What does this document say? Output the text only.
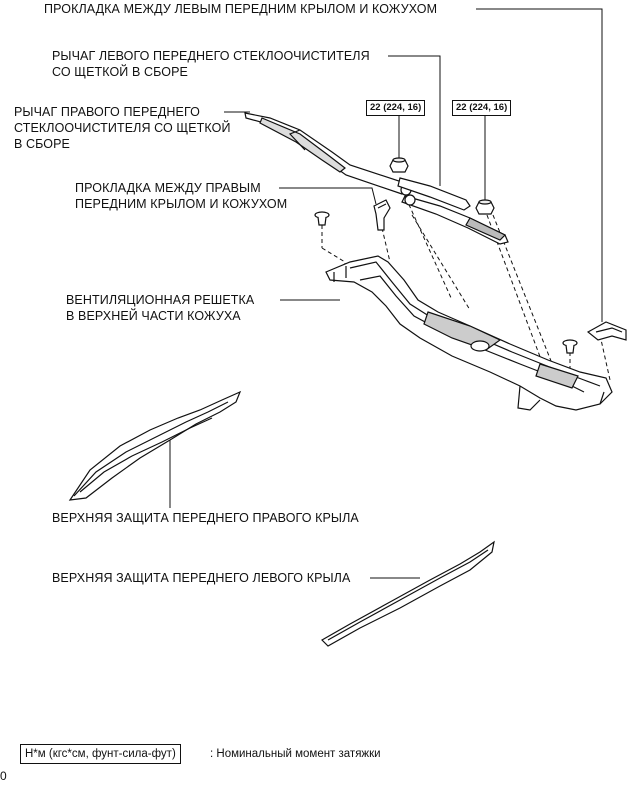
ПРОКЛАДКА МЕЖДУ ЛЕВЫМ ПЕРЕДНИМ КРЫЛОМ И КОЖУХОМ
РЫЧАГ ЛЕВОГО ПЕРЕДНЕГО СТЕКЛООЧИСТИТЕЛЯ
СО ЩЕТКОЙ В СБОРЕ
РЫЧАГ ПРАВОГО ПЕРЕДНЕГО
СТЕКЛООЧИСТИТЕЛЯ СО ЩЕТКОЙ
В СБОРЕ
22 (224, 16)	22 (224, 16)
ПРОКЛАДКА МЕЖДУ ПРАВЫМ
ПЕРЕДНИМ КРЫЛОМ И КОЖУХОМ
ВЕНТИЛЯЦИОННАЯ РЕШЕТКА
В ВЕРХНЕЙ ЧАСТИ КОЖУХА
ВЕРХНЯЯ ЗАЩИТА ПЕРЕДНЕГО ПРАВОГО КРЫЛА
ВЕРХНЯЯ ЗАЩИТА ПЕРЕДНЕГО ЛЕВОГО КРЫЛА
Н*м (кгс*см, фунт-сила-фут)	: Номинальный момент затяжки
0
